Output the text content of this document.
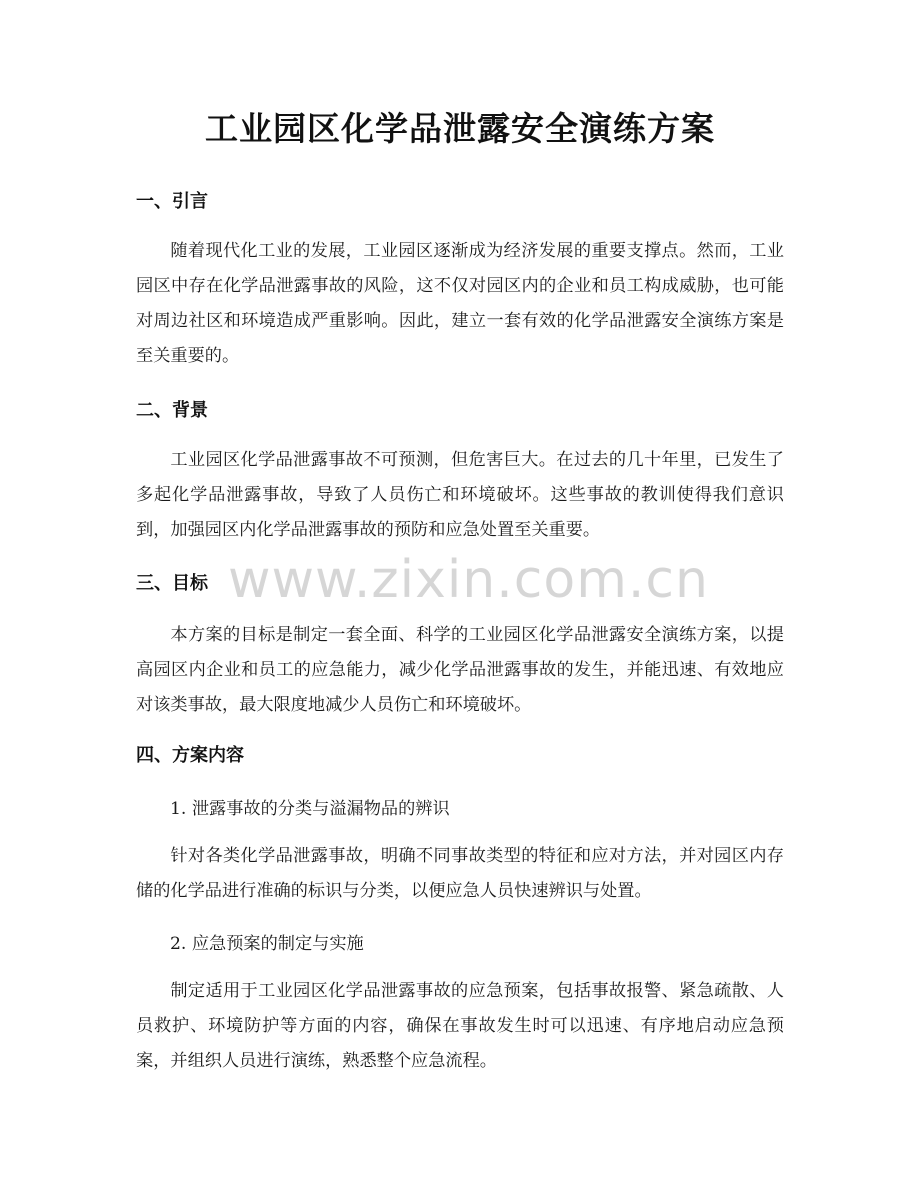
工业园区化学品泄露安全演练方案
一、引言
随着现代化工业的发展，工业园区逐渐成为经济发展的重要支撑点。然而，工业园区中存在化学品泄露事故的风险，这不仅对园区内的企业和员工构成威胁，也可能对周边社区和环境造成严重影响。因此，建立一套有效的化学品泄露安全演练方案是至关重要的。
二、背景
工业园区化学品泄露事故不可预测，但危害巨大。在过去的几十年里，已发生了多起化学品泄露事故，导致了人员伤亡和环境破坏。这些事故的教训使得我们意识到，加强园区内化学品泄露事故的预防和应急处置至关重要。
三、目标
本方案的目标是制定一套全面、科学的工业园区化学品泄露安全演练方案，以提高园区内企业和员工的应急能力，减少化学品泄露事故的发生，并能迅速、有效地应对该类事故，最大限度地减少人员伤亡和环境破坏。
四、方案内容
1. 泄露事故的分类与溢漏物品的辨识
针对各类化学品泄露事故，明确不同事故类型的特征和应对方法，并对园区内存储的化学品进行准确的标识与分类，以便应急人员快速辨识与处置。
2. 应急预案的制定与实施
制定适用于工业园区化学品泄露事故的应急预案，包括事故报警、紧急疏散、人员救护、环境防护等方面的内容，确保在事故发生时可以迅速、有序地启动应急预案，并组织人员进行演练，熟悉整个应急流程。
www.zixin.com.cn
